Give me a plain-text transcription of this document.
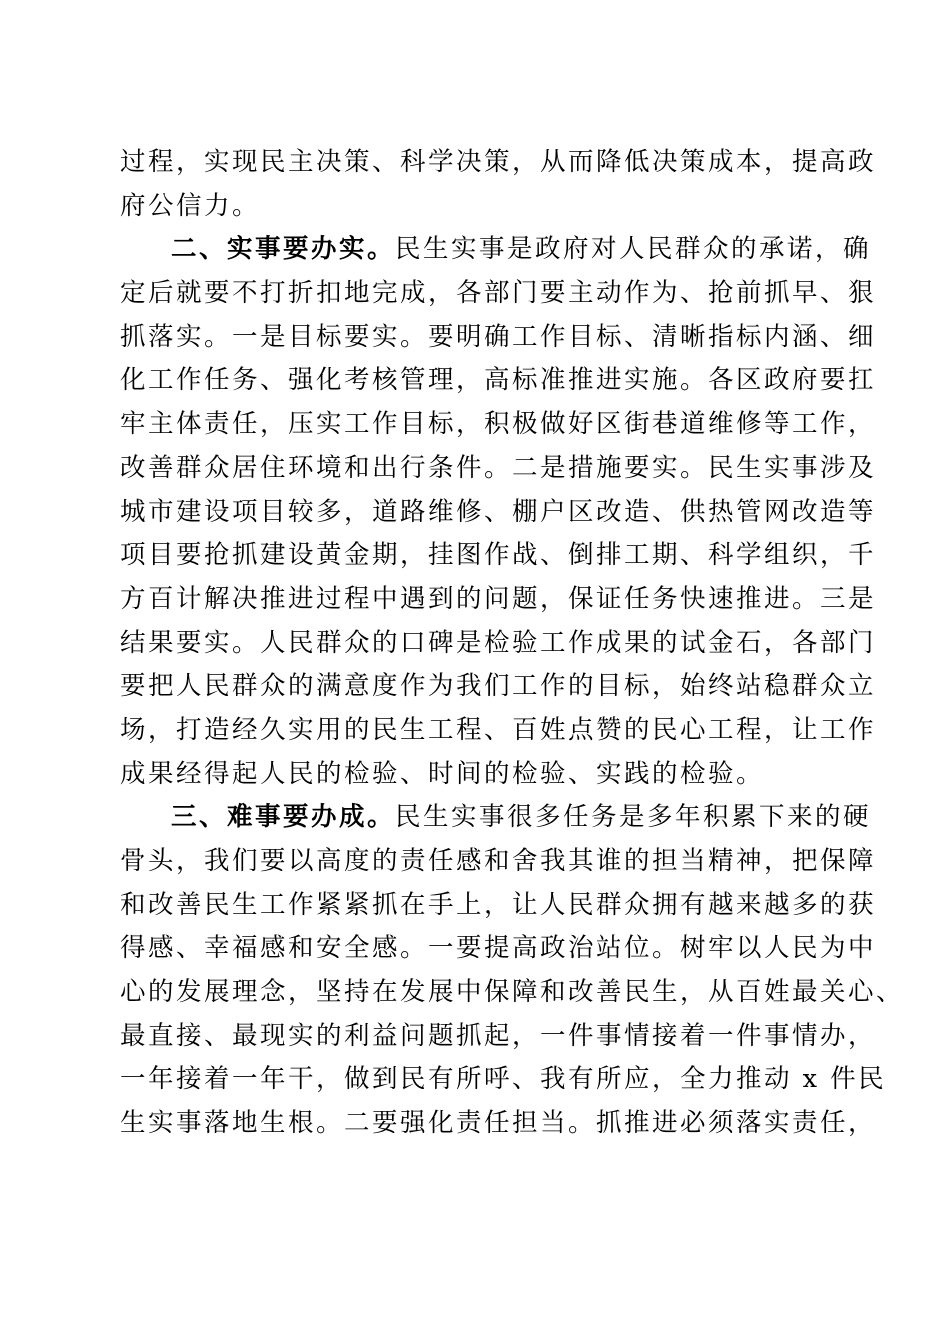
过程，实现民主决策、科学决策，从而降低决策成本，提高政
府公信力。
二、实事要办实。民生实事是政府对人民群众的承诺，确
定后就要不打折扣地完成，各部门要主动作为、抢前抓早、狠
抓落实。一是目标要实。要明确工作目标、清晰指标内涵、细
化工作任务、强化考核管理，高标准推进实施。各区政府要扛
牢主体责任，压实工作目标，积极做好区街巷道维修等工作，
改善群众居住环境和出行条件。二是措施要实。民生实事涉及
城市建设项目较多，道路维修、棚户区改造、供热管网改造等
项目要抢抓建设黄金期，挂图作战、倒排工期、科学组织，千
方百计解决推进过程中遇到的问题，保证任务快速推进。三是
结果要实。人民群众的口碑是检验工作成果的试金石，各部门
要把人民群众的满意度作为我们工作的目标，始终站稳群众立
场，打造经久实用的民生工程、百姓点赞的民心工程，让工作
成果经得起人民的检验、时间的检验、实践的检验。
三、难事要办成。民生实事很多任务是多年积累下来的硬
骨头，我们要以高度的责任感和舍我其谁的担当精神，把保障
和改善民生工作紧紧抓在手上，让人民群众拥有越来越多的获
得感、幸福感和安全感。一要提高政治站位。树牢以人民为中
心的发展理念，坚持在发展中保障和改善民生，从百姓最关心、
最直接、最现实的利益问题抓起，一件事情接着一件事情办，
一年接着一年干，做到民有所呼、我有所应，全力推动 x 件民
生实事落地生根。二要强化责任担当。抓推进必须落实责任，
